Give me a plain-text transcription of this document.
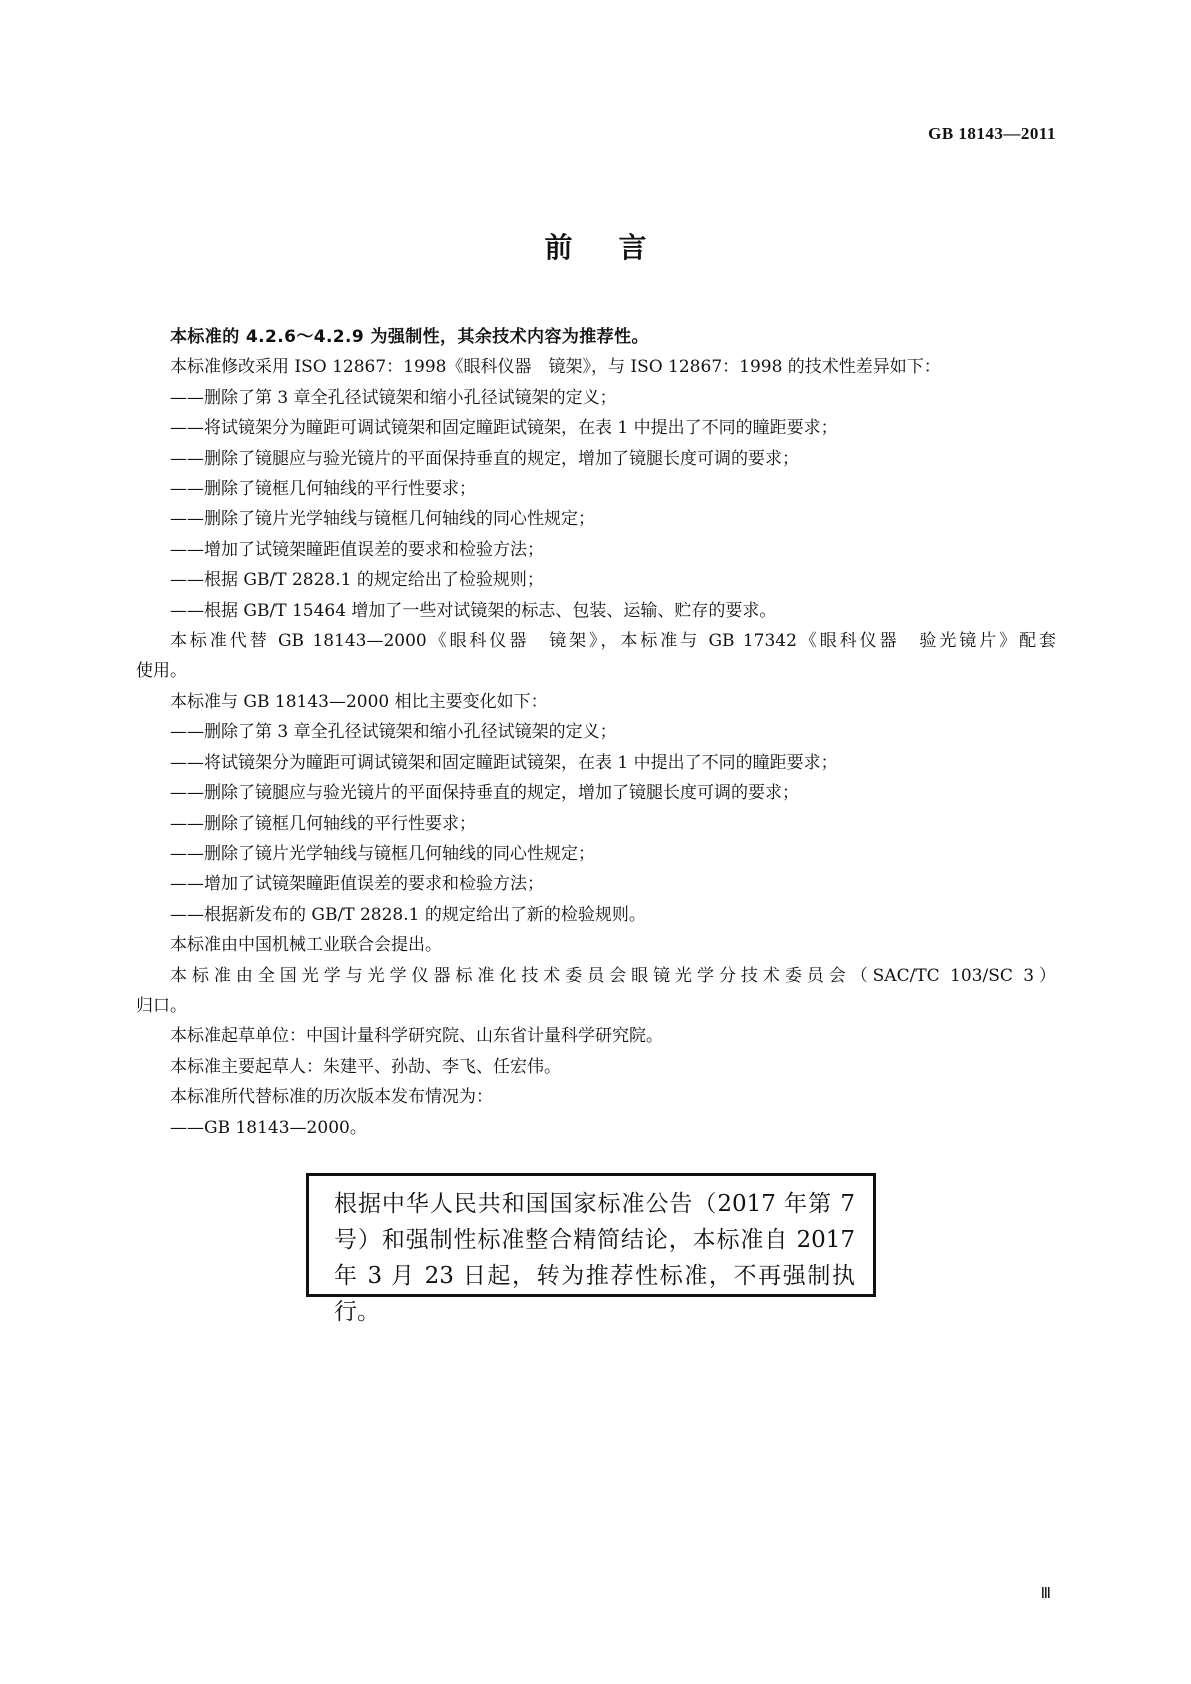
GB 18143—2011
前言

本标准的 4.2.6～4.2.9 为强制性，其余技术内容为推荐性。

本标准修改采用 ISO 12867：1998《眼科仪器　镜架》，与 ISO 12867：1998 的技术性差异如下：

——删除了第 3 章全孔径试镜架和缩小孔径试镜架的定义；

——将试镜架分为瞳距可调试镜架和固定瞳距试镜架，在表 1 中提出了不同的瞳距要求；

——删除了镜腿应与验光镜片的平面保持垂直的规定，增加了镜腿长度可调的要求；

——删除了镜框几何轴线的平行性要求；

——删除了镜片光学轴线与镜框几何轴线的同心性规定；

——增加了试镜架瞳距值误差的要求和检验方法；

——根据 GB/T 2828.1 的规定给出了检验规则；

——根据 GB/T 15464 增加了一些对试镜架的标志、包装、运输、贮存的要求。

本标准代替 GB 18143—2000《眼科仪器　镜架》，本标准与 GB 17342《眼科仪器　验光镜片》配套

使用。

本标准与 GB 18143—2000 相比主要变化如下：

——删除了第 3 章全孔径试镜架和缩小孔径试镜架的定义；

——将试镜架分为瞳距可调试镜架和固定瞳距试镜架，在表 1 中提出了不同的瞳距要求；

——删除了镜腿应与验光镜片的平面保持垂直的规定，增加了镜腿长度可调的要求；

——删除了镜框几何轴线的平行性要求；

——删除了镜片光学轴线与镜框几何轴线的同心性规定；

——增加了试镜架瞳距值误差的要求和检验方法；

——根据新发布的 GB/T 2828.1 的规定给出了新的检验规则。

本标准由中国机械工业联合会提出。

本标准由全国光学与光学仪器标准化技术委员会眼镜光学分技术委员会（SAC/TC 103/SC 3）

归口。

本标准起草单位：中国计量科学研究院、山东省计量科学研究院。

本标准主要起草人：朱建平、孙劼、李飞、任宏伟。

本标准所代替标准的历次版本发布情况为：

——GB 18143—2000。

根据中华人民共和国国家标准公告（2017 年第 7 号）和强制性标准整合精简结论，本标准自 2017 年 3 月 23 日起，转为推荐性标准，不再强制执行。
Ⅲ
